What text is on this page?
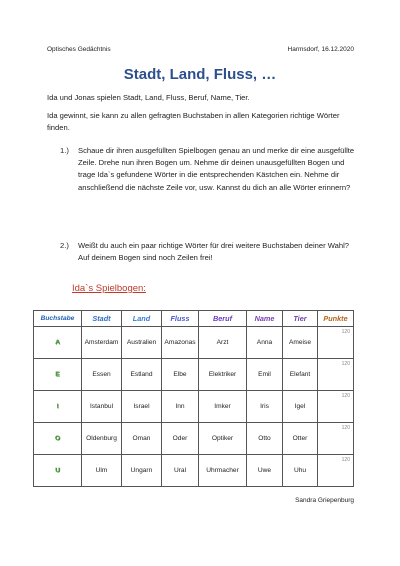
Optisches Gedächtnis	Harmsdorf, 16.12.2020
Stadt, Land, Fluss, …
Ida und Jonas spielen Stadt, Land, Fluss, Beruf, Name, Tier.
Ida gewinnt, sie kann zu allen gefragten Buchstaben in allen Kategorien richtige Wörter finden.
1.)	Schaue dir ihren ausgefüllten Spielbogen genau an und merke dir eine ausgefüllte Zeile. Drehe nun ihren Bogen um. Nehme dir deinen unausgefüllten Bogen und trage Ida`s gefundene Wörter in die entsprechenden Kästchen ein. Nehme dir anschließend die nächste Zeile vor, usw. Kannst du dich an alle Wörter erinnern?
2.)	Weißt du auch ein paar richtige Wörter für drei weitere Buchstaben deiner Wahl? Auf deinem Bogen sind noch Zeilen frei!
Ida`s Spielbogen:
Buchstabe	Stadt	Land	Fluss	Beruf	Name	Tier	Punkte
A	Amsterdam	Australien	Amazonas	Arzt	Anna	Ameise	120

E	Essen	Estland	Elbe	Elektriker	Emil	Elefant	120

I	Istanbul	Israel	Inn	Imker	Iris	Igel	120

O	Oldenburg	Oman	Oder	Optiker	Otto	Otter	120

U	Ulm	Ungarn	Ural	Uhrmacher	Uwe	Uhu	120
Sandra Griepenburg
